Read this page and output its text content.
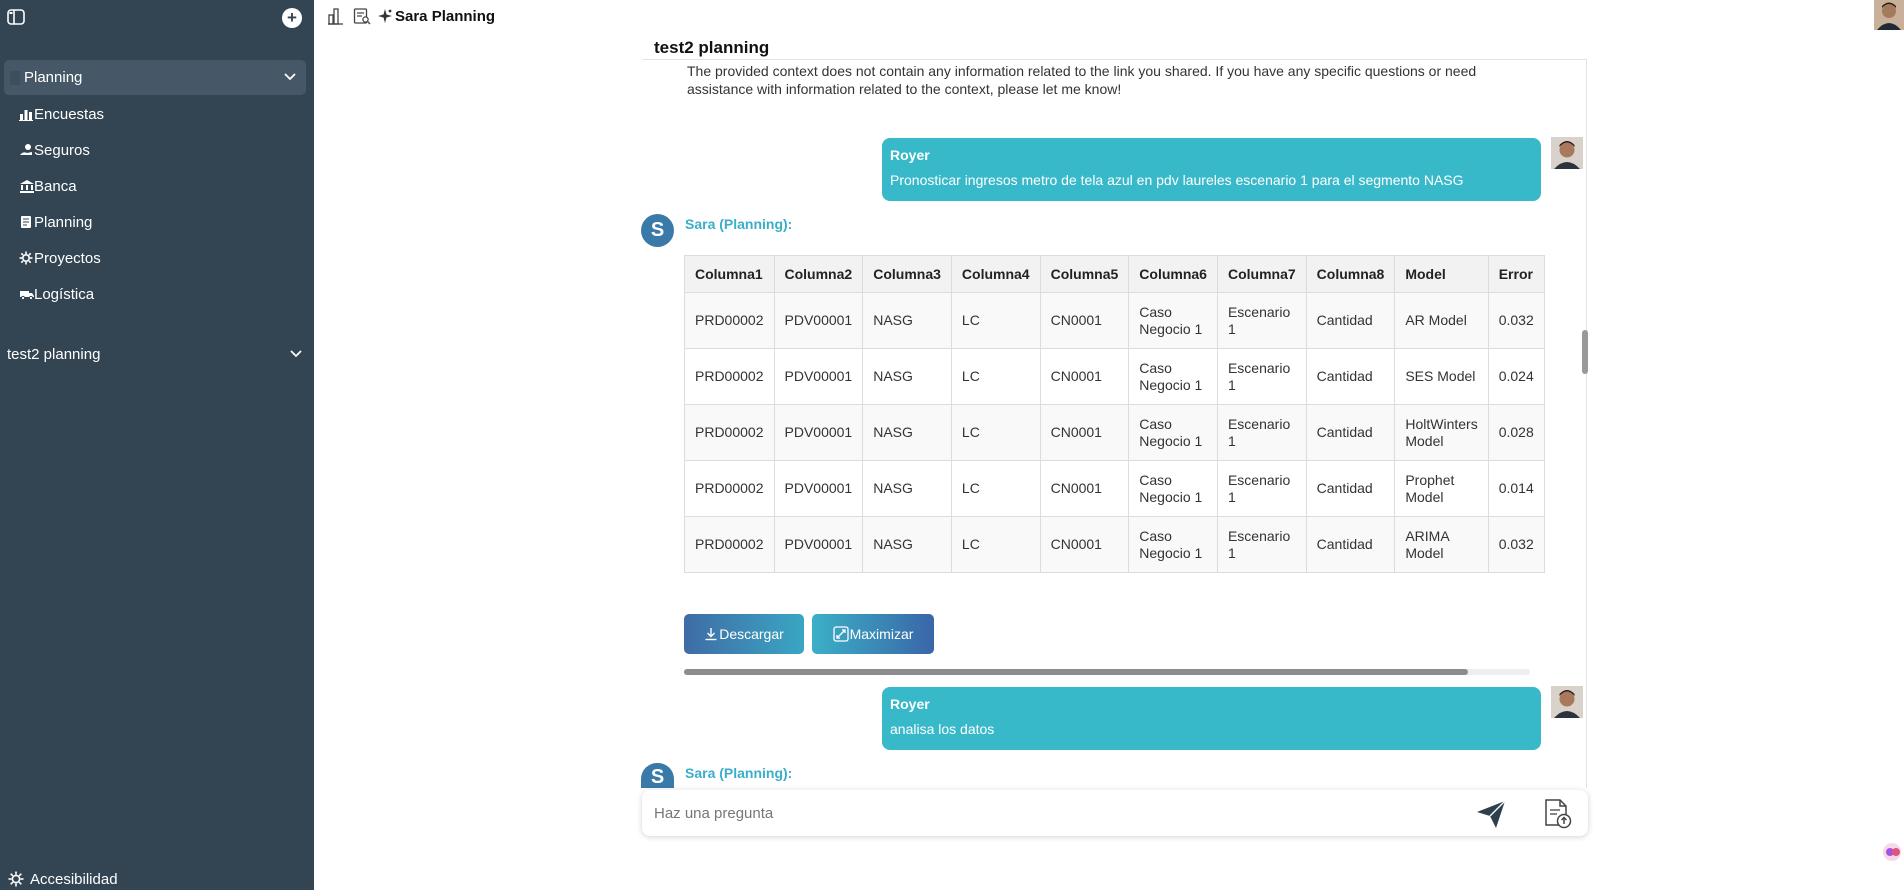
+
Planning
Encuestas
Seguros
Banca
Planning
Proyectos
Logística
test2 planning
Accesibilidad
Sara Planning
test2 planning
The provided context does not contain any information related to the link you shared. If you have any specific questions or need assistance with information related to the context, please let me know!
Royer
Pronosticar ingresos metro de tela azul en pdv laureles escenario 1 para el segmento NASG
S	Sara (Planning):
Columna1	Columna2	Columna3	Columna4	Columna5	Columna6	Columna7	Columna8	Model	Error
PRD00002	PDV00001	NASG	LC	CN0001	Caso Negocio 1	Escenario 1	Cantidad	AR Model	0.032
PRD00002	PDV00001	NASG	LC	CN0001	Caso Negocio 1	Escenario 1	Cantidad	SES Model	0.024
PRD00002	PDV00001	NASG	LC	CN0001	Caso Negocio 1	Escenario 1	Cantidad	HoltWinters Model	0.028
PRD00002	PDV00001	NASG	LC	CN0001	Caso Negocio 1	Escenario 1	Cantidad	Prophet Model	0.014
PRD00002	PDV00001	NASG	LC	CN0001	Caso Negocio 1	Escenario 1	Cantidad	ARIMA Model	0.032
Descargar	Maximizar
Royer
analisa los datos
S	Sara (Planning):
Haz una pregunta
